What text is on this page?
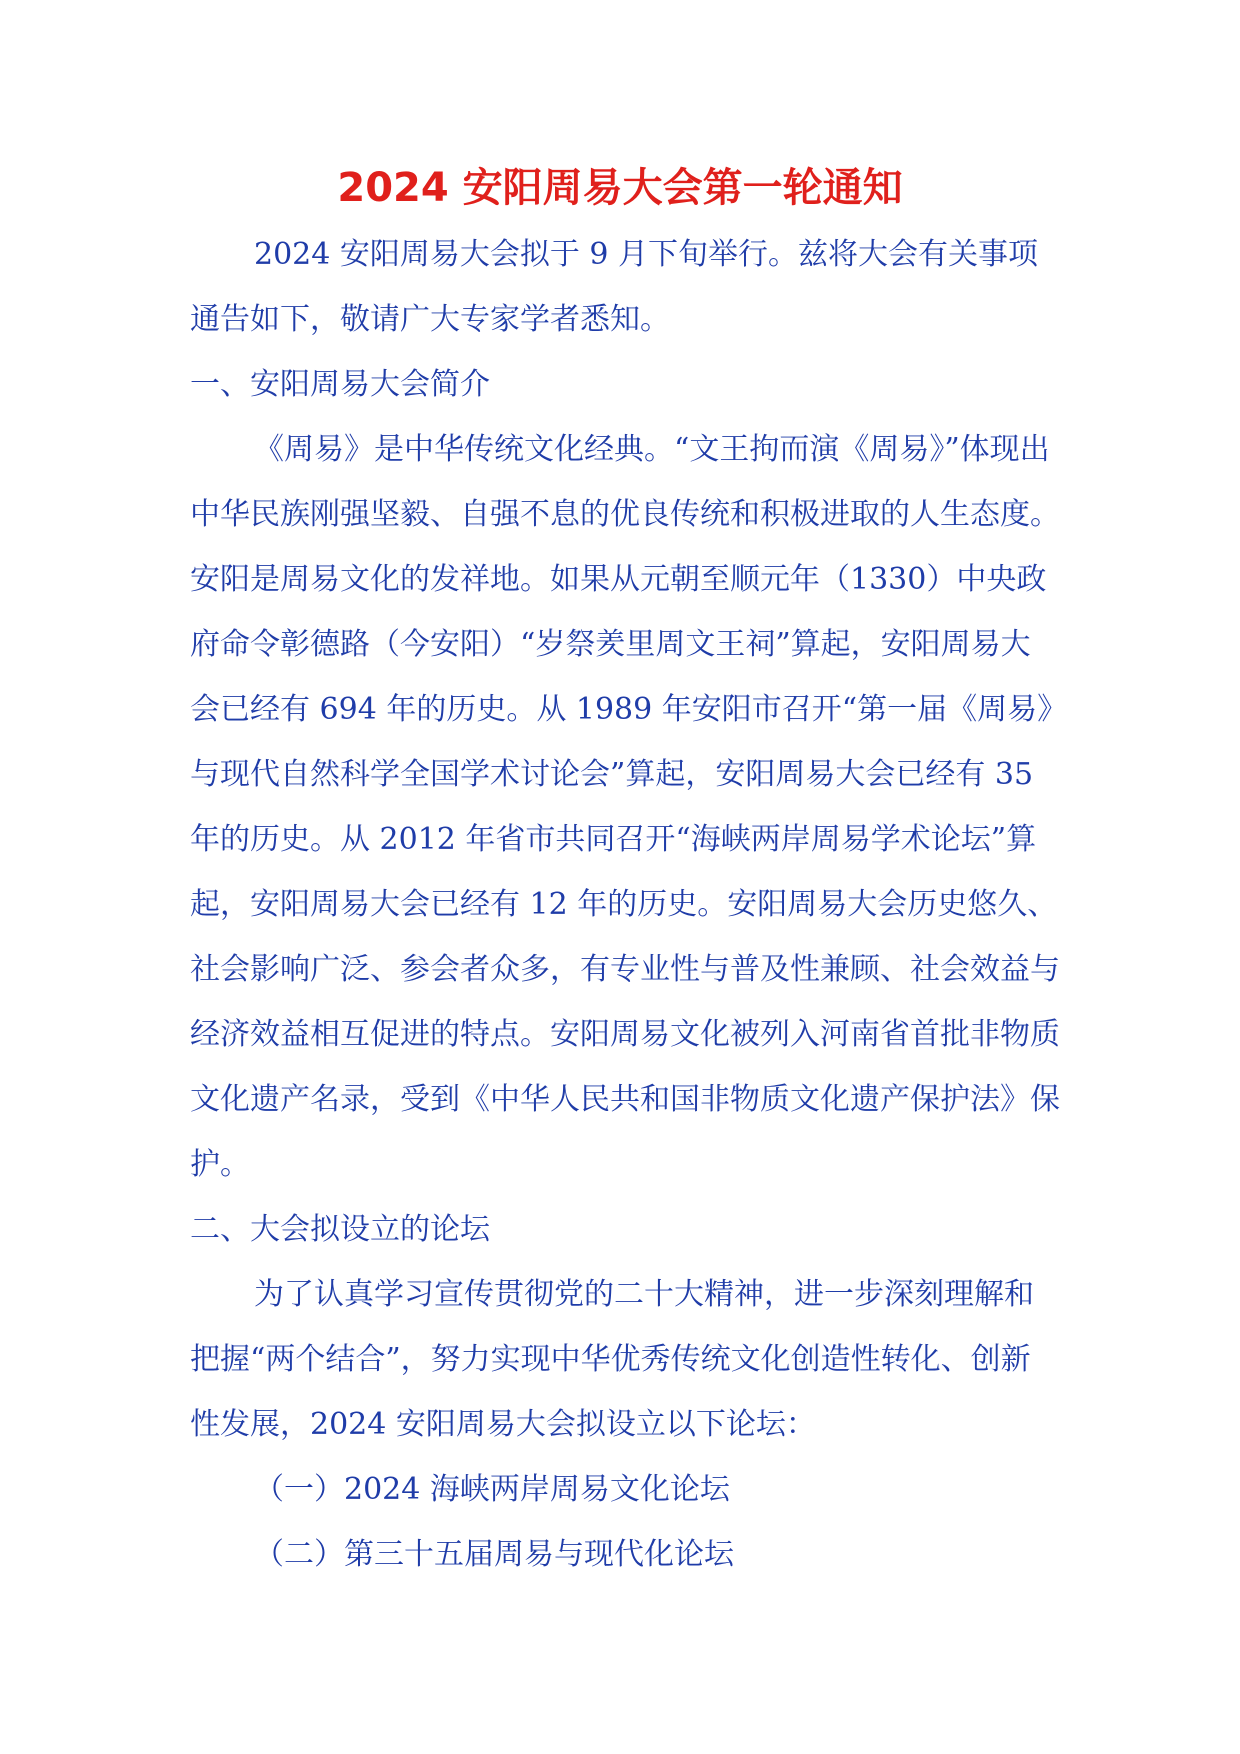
2024 安阳周易大会第一轮通知

2024 安阳周易大会拟于 9 月下旬举行。兹将大会有关事项通告如下，敬请广大专家学者悉知。

一、安阳周易大会简介

《周易》是中华传统文化经典。“文王拘而演《周易》”体现出中华民族刚强坚毅、自强不息的优良传统和积极进取的人生态度。安阳是周易文化的发祥地。如果从元朝至顺元年（1330）中央政府命令彰德路（今安阳）“岁祭羑里周文王祠”算起，安阳周易大会已经有 694 年的历史。从 1989 年安阳市召开“第一届《周易》与现代自然科学全国学术讨论会”算起，安阳周易大会已经有 35 年的历史。从 2012 年省市共同召开“海峡两岸周易学术论坛”算起，安阳周易大会已经有 12 年的历史。安阳周易大会历史悠久、社会影响广泛、参会者众多，有专业性与普及性兼顾、社会效益与经济效益相互促进的特点。安阳周易文化被列入河南省首批非物质文化遗产名录，受到《中华人民共和国非物质文化遗产保护法》保护。

二、大会拟设立的论坛

为了认真学习宣传贯彻党的二十大精神，进一步深刻理解和把握“两个结合”，努力实现中华优秀传统文化创造性转化、创新性发展，2024 安阳周易大会拟设立以下论坛：

（一）2024 海峡两岸周易文化论坛

（二）第三十五届周易与现代化论坛
